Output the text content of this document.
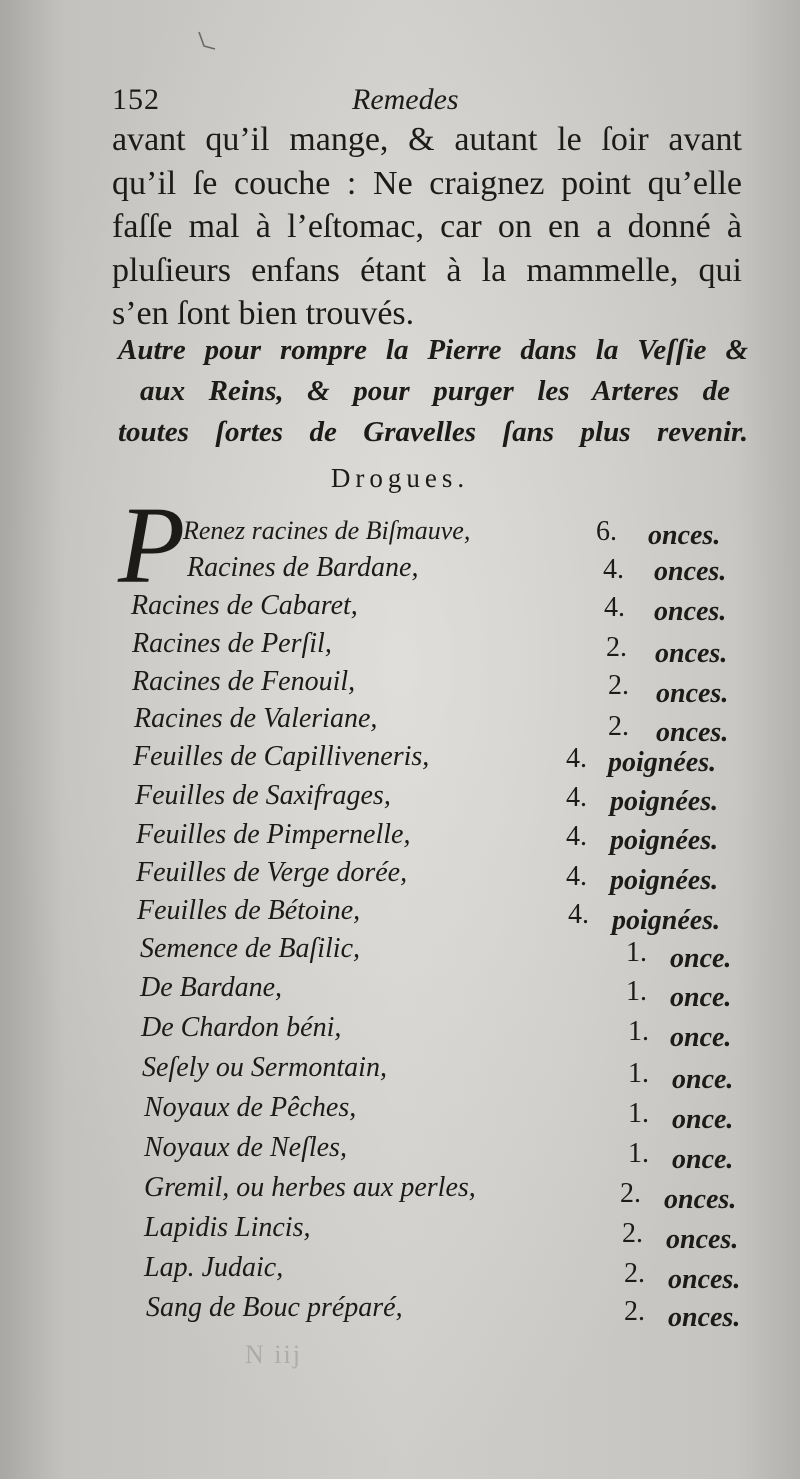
152	Remedes
avant qu’il mange, & autant le ſoir avant
qu’il ſe couche : Ne craignez point qu’elle
faſſe mal à l’eſtomac, car on en a donné à
pluſieurs enfans étant à la mammelle, qui
s’en ſont bien trouvés.
Autre pour rompre la Pierre dans la Veſſie &
aux Reins, & pour purger les Arteres de
toutes ſortes de Gravelles ſans plus revenir.
Drogues.
P
Renez racines de Biſmauve,	6. onces.
Racines de Bardane,	4. onces.
Racines de Cabaret,	4. onces.
Racines de Perſil,	2. onces.
Racines de Fenouil,	2. onces.
Racines de Valeriane,	2. onces.
Feuilles de Capilliveneris,	4. poignées.
Feuilles de Saxifrages,	4. poignées.
Feuilles de Pimpernelle,	4. poignées.
Feuilles de Verge dorée,	4. poignées.
Feuilles de Bétoine,	4. poignées.
Semence de Baſilic,	1. once.
De Bardane,	1. once.
De Chardon béni,	1. once.
Seſely ou Sermontain,	1. once.
Noyaux de Pêches,	1. once.
Noyaux de Neſles,	1. once.
Gremil, ou herbes aux perles,	2. onces.
Lapidis Lincis,	2. onces.
Lap. Judaic,	2. onces.
Sang de Bouc préparé,	2. onces.
N iij
